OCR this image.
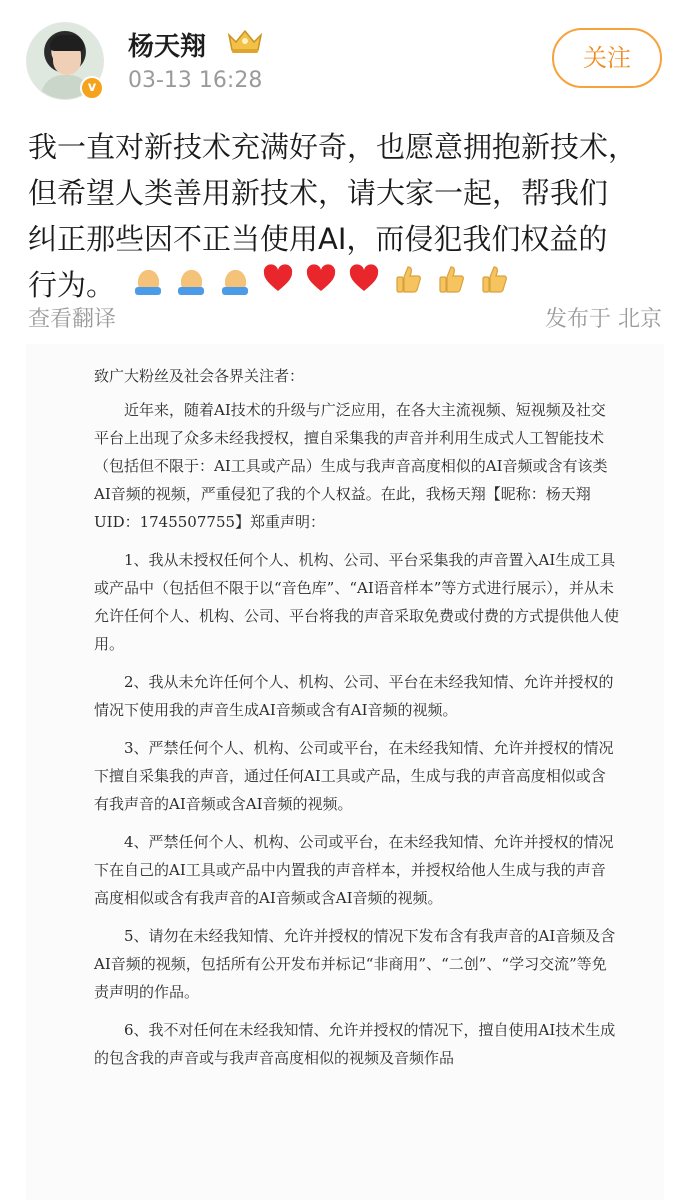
v
杨天翔
03-13 16:28
关注
我一直对新技术充满好奇，也愿意拥抱新技术，
但希望人类善用新技术，请大家一起，帮我们
纠正那些因不正当使用AI，而侵犯我们权益的
行为。
查看翻译	发布于 北京

致广大粉丝及社会各界关注者：

近年来，随着AI技术的升级与广泛应用，在各大主流视频、短视频及社交平台上出现了众多未经我授权，擅自采集我的声音并利用生成式人工智能技术（包括但不限于：AI工具或产品）生成与我声音高度相似的AI音频或含有该类AI音频的视频，严重侵犯了我的个人权益。在此，我杨天翔【昵称：杨天翔 UID：1745507755】郑重声明：

1、我从未授权任何个人、机构、公司、平台采集我的声音置入AI生成工具或产品中（包括但不限于以“音色库”、“AI语音样本”等方式进行展示），并从未允许任何个人、机构、公司、平台将我的声音采取免费或付费的方式提供他人使用。

2、我从未允许任何个人、机构、公司、平台在未经我知情、允许并授权的情况下使用我的声音生成AI音频或含有AI音频的视频。

3、严禁任何个人、机构、公司或平台，在未经我知情、允许并授权的情况下擅自采集我的声音，通过任何AI工具或产品，生成与我的声音高度相似或含有我声音的AI音频或含AI音频的视频。

4、严禁任何个人、机构、公司或平台，在未经我知情、允许并授权的情况下在自己的AI工具或产品中内置我的声音样本，并授权给他人生成与我的声音高度相似或含有我声音的AI音频或含AI音频的视频。

5、请勿在未经我知情、允许并授权的情况下发布含有我声音的AI音频及含AI音频的视频，包括所有公开发布并标记“非商用”、“二创”、“学习交流”等免责声明的作品。

6、我不对任何在未经我知情、允许并授权的情况下，擅自使用AI技术生成的包含我的声音或与我声音高度相似的视频及音频作品
